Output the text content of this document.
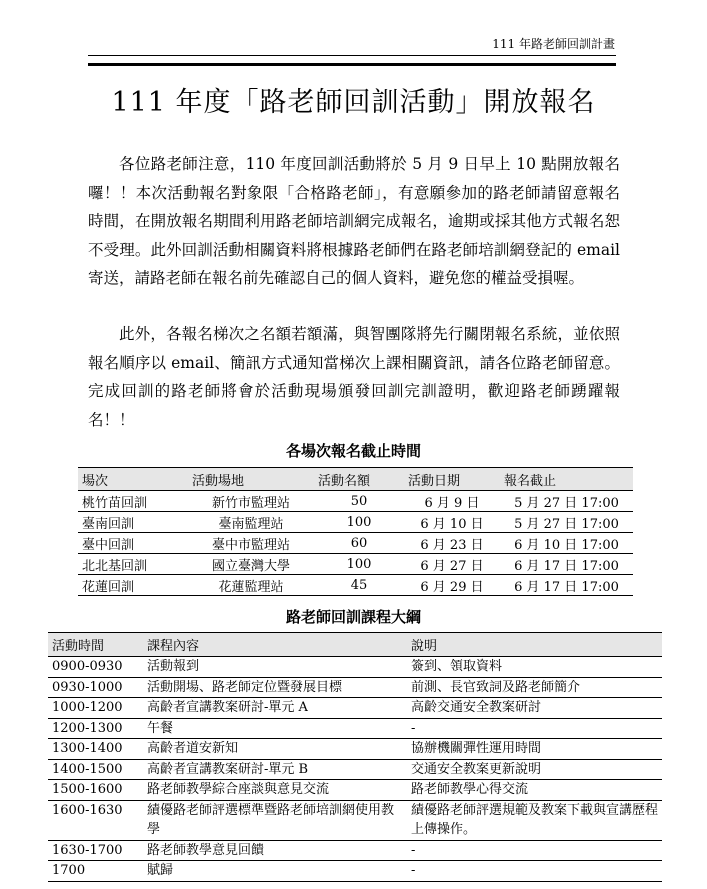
111 年路老師回訓計畫
111 年度「路老師回訓活動」開放報名

各位路老師注意，110 年度回訓活動將於 5 月 9 日早上 10 點開放報名囉！！本次活動報名對象限「合格路老師」，有意願參加的路老師請留意報名時間，在開放報名期間利用路老師培訓網完成報名，逾期或採其他方式報名恕不受理。此外回訓活動相關資料將根據路老師們在路老師培訓網登記的 email 寄送，請路老師在報名前先確認自己的個人資料，避免您的權益受損喔。

此外，各報名梯次之名額若額滿，與智團隊將先行關閉報名系統，並依照報名順序以 email、簡訊方式通知當梯次上課相關資訊，請各位路老師留意。完成回訓的路老師將會於活動現場頒發回訓完訓證明，歡迎路老師踴躍報名！！

各場次報名截止時間
場次	活動場地	活動名額	活動日期	報名截止
桃竹苗回訓	新竹市監理站	50	6 月 9 日	5 月 27 日 17:00
臺南回訓	臺南監理站	100	6 月 10 日	5 月 27 日 17:00
臺中回訓	臺中市監理站	60	6 月 23 日	6 月 10 日 17:00
北北基回訓	國立臺灣大學	100	6 月 27 日	6 月 17 日 17:00
花蓮回訓	花蓮監理站	45	6 月 29 日	6 月 17 日 17:00
路老師回訓課程大綱
活動時間	課程內容	說明
0900-0930	活動報到	簽到、領取資料
0930-1000	活動開場、路老師定位暨發展目標	前測、長官致詞及路老師簡介
1000-1200	高齡者宣講教案研討-單元 A	高齡交通安全教案研討
1200-1300	午餐	-
1300-1400	高齡者道安新知	協辦機關彈性運用時間
1400-1500	高齡者宣講教案研討-單元 B	交通安全教案更新說明
1500-1600	路老師教學綜合座談與意見交流	路老師教學心得交流
1600-1630	績優路老師評選標準暨路老師培訓網使用教學	績優路老師評選規範及教案下載與宣講歷程上傳操作。
1630-1700	路老師教學意見回饋	-
1700	賦歸	-
